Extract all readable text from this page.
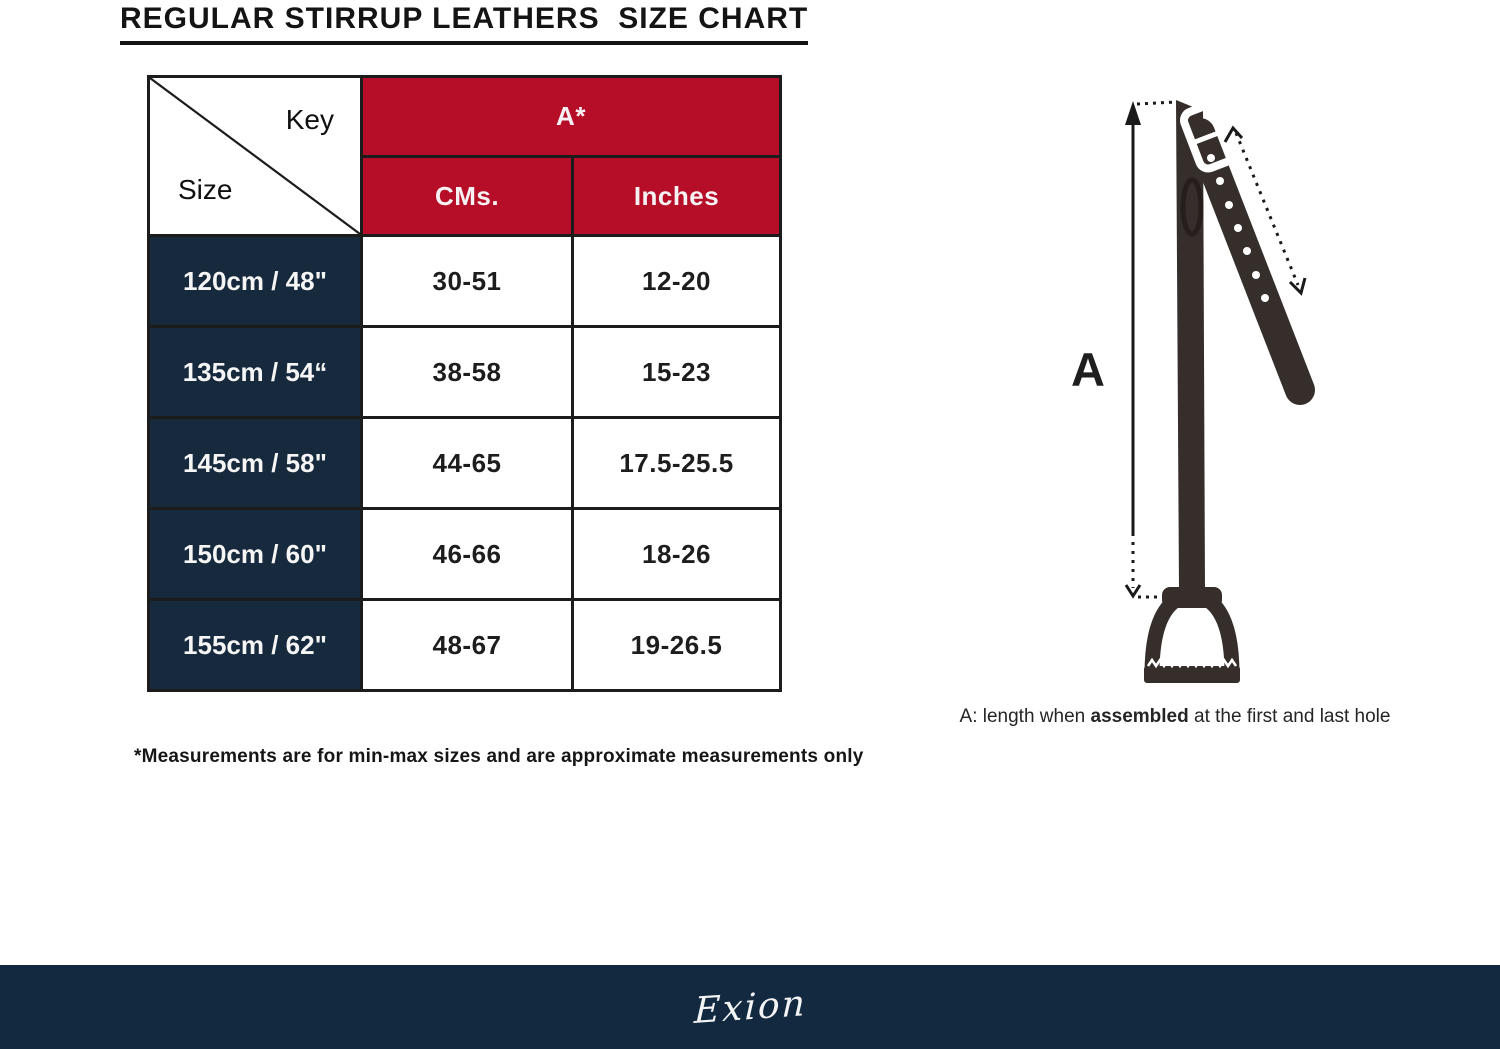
REGULAR STIRRUP LEATHERS  SIZE CHART
Key
Size	A*	
	CMs.	Inches
120cm / 48"	30-51	12-20
135cm / 54“	38-58	15-23
145cm / 58"	44-65	17.5-25.5
150cm / 60"	46-66	18-26
155cm / 62"	48-67	19-26.5

*Measurements are for min-max sizes and are approximate measurements only

A

A: length when assembled at the first and last hole

Exion
